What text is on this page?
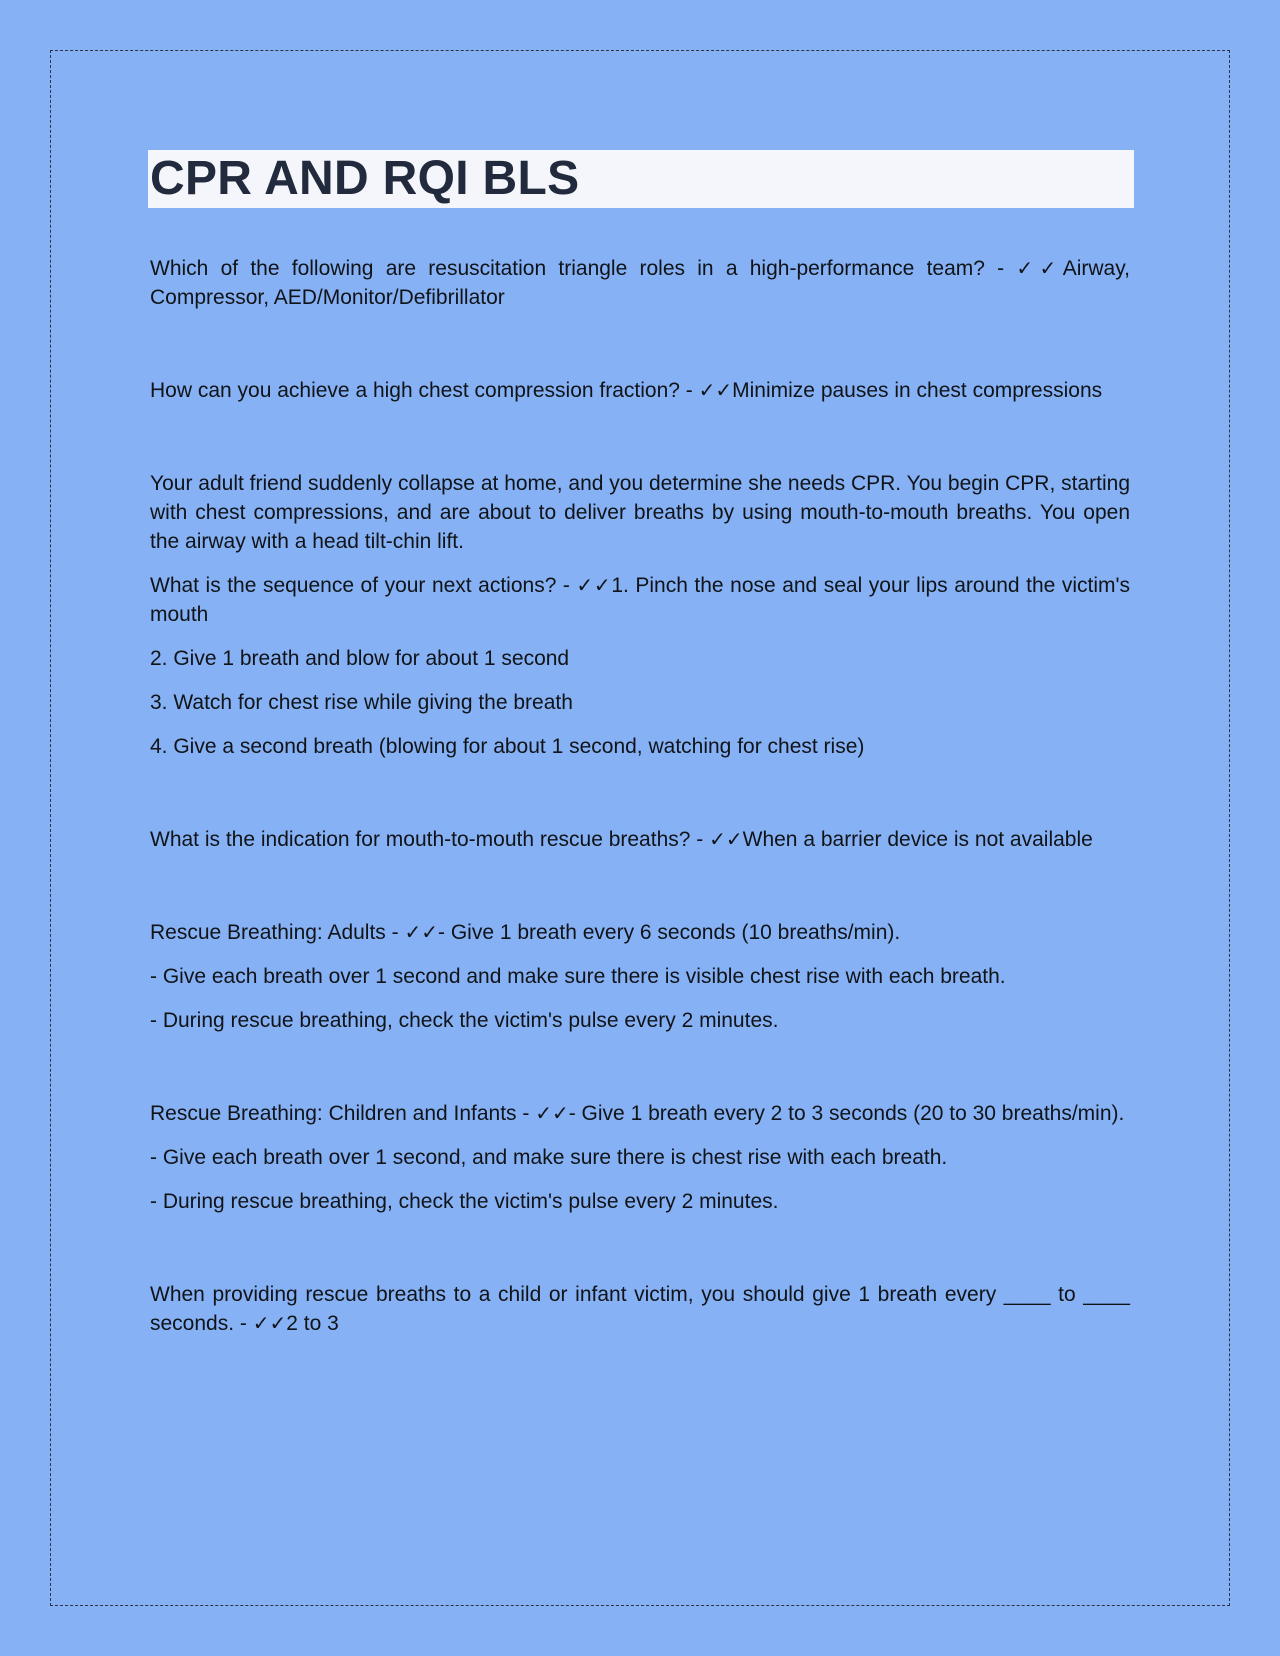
CPR AND RQI BLS

Which of the following are resuscitation triangle roles in a high-performance team? - ✓✓Airway, Compressor, AED/Monitor/Defibrillator

How can you achieve a high chest compression fraction? - ✓✓Minimize pauses in chest compressions

Your adult friend suddenly collapse at home, and you determine she needs CPR. You begin CPR, starting with chest compressions, and are about to deliver breaths by using mouth-to-mouth breaths. You open the airway with a head tilt-chin lift.

What is the sequence of your next actions? - ✓✓1. Pinch the nose and seal your lips around the victim's mouth

2. Give 1 breath and blow for about 1 second

3. Watch for chest rise while giving the breath

4. Give a second breath (blowing for about 1 second, watching for chest rise)

What is the indication for mouth-to-mouth rescue breaths? - ✓✓When a barrier device is not available

Rescue Breathing: Adults - ✓✓- Give 1 breath every 6 seconds (10 breaths/min).

- Give each breath over 1 second and make sure there is visible chest rise with each breath.

- During rescue breathing, check the victim's pulse every 2 minutes.

Rescue Breathing: Children and Infants - ✓✓- Give 1 breath every 2 to 3 seconds (20 to 30 breaths/min).

- Give each breath over 1 second, and make sure there is chest rise with each breath.

- During rescue breathing, check the victim's pulse every 2 minutes.

When providing rescue breaths to a child or infant victim, you should give 1 breath every ____ to ____ seconds. - ✓✓2 to 3
